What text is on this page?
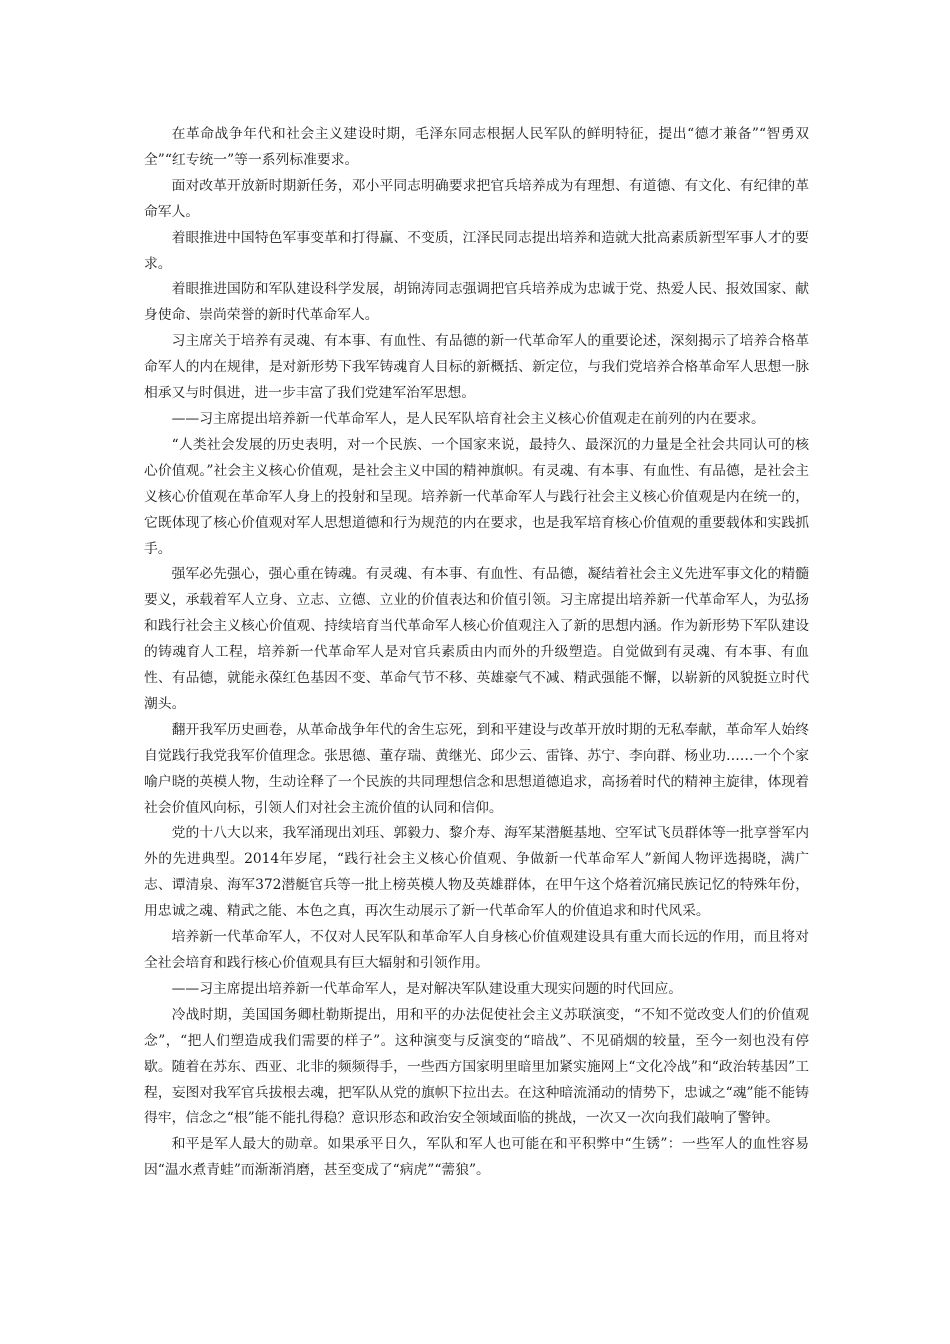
在革命战争年代和社会主义建设时期，毛泽东同志根据人民军队的鲜明特征，提出“德才兼备”“智勇双全”“红专统一”等一系列标准要求。

面对改革开放新时期新任务，邓小平同志明确要求把官兵培养成为有理想、有道德、有文化、有纪律的革命军人。

着眼推进中国特色军事变革和打得赢、不变质，江泽民同志提出培养和造就大批高素质新型军事人才的要求。

着眼推进国防和军队建设科学发展，胡锦涛同志强调把官兵培养成为忠诚于党、热爱人民、报效国家、献身使命、崇尚荣誉的新时代革命军人。

习主席关于培养有灵魂、有本事、有血性、有品德的新一代革命军人的重要论述，深刻揭示了培养合格革命军人的内在规律，是对新形势下我军铸魂育人目标的新概括、新定位，与我们党培养合格革命军人思想一脉相承又与时俱进，进一步丰富了我们党建军治军思想。

——习主席提出培养新一代革命军人，是人民军队培育社会主义核心价值观走在前列的内在要求。

“人类社会发展的历史表明，对一个民族、一个国家来说，最持久、最深沉的力量是全社会共同认可的核心价值观。”社会主义核心价值观，是社会主义中国的精神旗帜。有灵魂、有本事、有血性、有品德，是社会主义核心价值观在革命军人身上的投射和呈现。培养新一代革命军人与践行社会主义核心价值观是内在统一的，它既体现了核心价值观对军人思想道德和行为规范的内在要求，也是我军培育核心价值观的重要载体和实践抓手。

强军必先强心，强心重在铸魂。有灵魂、有本事、有血性、有品德，凝结着社会主义先进军事文化的精髓要义，承载着军人立身、立志、立德、立业的价值表达和价值引领。习主席提出培养新一代革命军人，为弘扬和践行社会主义核心价值观、持续培育当代革命军人核心价值观注入了新的思想内涵。作为新形势下军队建设的铸魂育人工程，培养新一代革命军人是对官兵素质由内而外的升级塑造。自觉做到有灵魂、有本事、有血性、有品德，就能永葆红色基因不变、革命气节不移、英雄豪气不减、精武强能不懈，以崭新的风貌挺立时代潮头。

翻开我军历史画卷，从革命战争年代的舍生忘死，到和平建设与改革开放时期的无私奉献，革命军人始终自觉践行我党我军价值理念。张思德、董存瑞、黄继光、邱少云、雷锋、苏宁、李向群、杨业功……一个个家喻户晓的英模人物，生动诠释了一个民族的共同理想信念和思想道德追求，高扬着时代的精神主旋律，体现着社会价值风向标，引领人们对社会主流价值的认同和信仰。

党的十八大以来，我军涌现出刘珏、郭毅力、黎介寿、海军某潜艇基地、空军试飞员群体等一批享誉军内外的先进典型。2014年岁尾，“践行社会主义核心价值观、争做新一代革命军人”新闻人物评选揭晓，满广志、谭清泉、海军372潜艇官兵等一批上榜英模人物及英雄群体，在甲午这个烙着沉痛民族记忆的特殊年份，用忠诚之魂、精武之能、本色之真，再次生动展示了新一代革命军人的价值追求和时代风采。

培养新一代革命军人，不仅对人民军队和革命军人自身核心价值观建设具有重大而长远的作用，而且将对全社会培育和践行核心价值观具有巨大辐射和引领作用。

——习主席提出培养新一代革命军人，是对解决军队建设重大现实问题的时代回应。

冷战时期，美国国务卿杜勒斯提出，用和平的办法促使社会主义苏联演变，“不知不觉改变人们的价值观念”，“把人们塑造成我们需要的样子”。这种演变与反演变的“暗战”、不见硝烟的较量，至今一刻也没有停歇。随着在苏东、西亚、北非的频频得手，一些西方国家明里暗里加紧实施网上“文化冷战”和“政治转基因”工程，妄图对我军官兵拔根去魂，把军队从党的旗帜下拉出去。在这种暗流涌动的情势下，忠诚之“魂”能不能铸得牢，信念之“根”能不能扎得稳？意识形态和政治安全领域面临的挑战，一次又一次向我们敲响了警钟。

和平是军人最大的勋章。如果承平日久，军队和军人也可能在和平积弊中“生锈”：一些军人的血性容易因“温水煮青蛙”而渐渐消磨，甚至变成了“病虎”“薷狼”。
